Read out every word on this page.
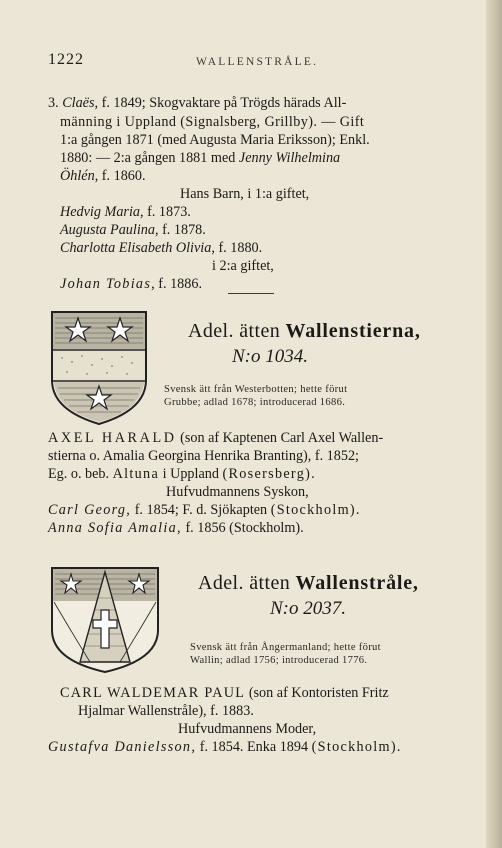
1222	WALLENSTRÅLE.
3. Claës, f. 1849; Skogvaktare på Trögds härads All-
männing i Uppland (Signalsberg, Grillby). — Gift
1:a gången 1871 (med Augusta Maria Eriksson); Enkl.
1880: — 2:a gången 1881 med Jenny Wilhelmina
Öhlén, f. 1860.
Hans Barn, i 1:a giftet,
Hedvig Maria, f. 1873.
Augusta Paulina, f. 1878.
Charlotta Elisabeth Olivia, f. 1880.
i 2:a giftet,
Johan Tobias, f. 1886.
Adel. ätten Wallenstierna,
N:o 1034.
Svensk ätt från Westerbotten; hette förut
Grubbe; adlad 1678; introducerad 1686.
AXEL HARALD (son af Kaptenen Carl Axel Wallen-
stierna o. Amalia Georgina Henrika Branting), f. 1852;
Eg. o. beb. Altuna i Uppland (Rosersberg).
Hufvudmannens Syskon,
Carl Georg, f. 1854; F. d. Sjökapten (Stockholm).
Anna Sofia Amalia, f. 1856 (Stockholm).
Adel. ätten Wallenstråle,
N:o 2037.
Svensk ätt från Ångermanland; hette förut
Wallin; adlad 1756; introducerad 1776.
CARL WALDEMAR PAUL (son af Kontoristen Fritz
Hjalmar Wallenstråle), f. 1883.
Hufvudmannens Moder,
Gustafva Danielsson, f. 1854. Enka 1894 (Stockholm).
